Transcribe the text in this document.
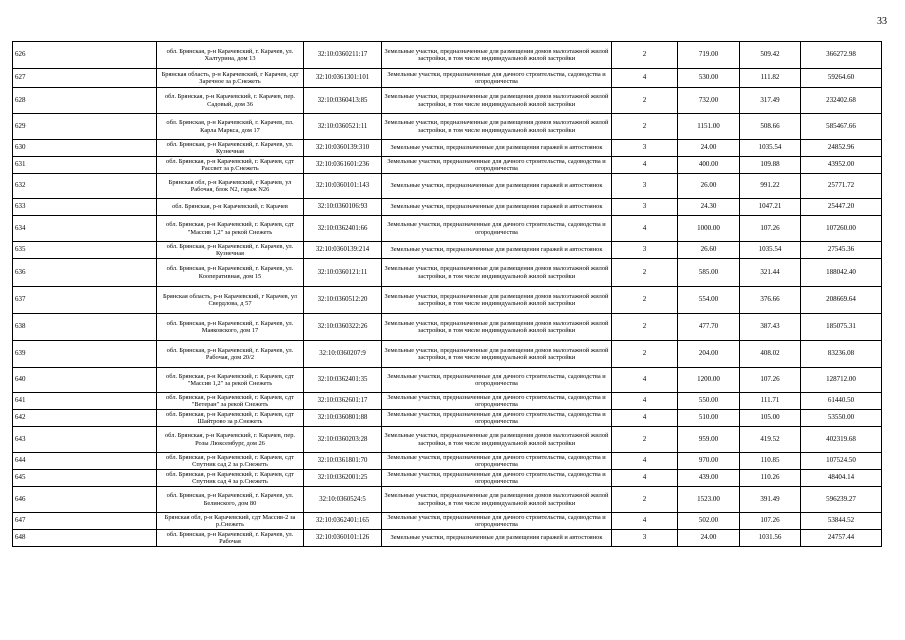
33
626	обл. Брянская, р-н Карачевский, г. Карачев, ул. Халтурина, дом 13	32:10:0360211:17	Земельные участки, предназначенные для размещения домов малоэтажной жилой застройки, в том числе индивидуальной жилой застройки	2	719.00	509.42	366272.98
627	Брянская область, р-н Карачевский, г Карачев, сдт Заречное за р.Снежеть	32:10:0361301:101	Земельные участки, предназначенные для дачного строительства, садоводства и огородничества	4	530.00	111.82	59264.60
628	обл. Брянская, р-н Карачевский, г. Карачев, пер. Садовый, дом 36	32:10:0360413:85	Земельные участки, предназначенные для размещения домов малоэтажной жилой застройки, в том числе индивидуальной жилой застройки	2	732.00	317.49	232402.68
629	обл. Брянская, р-н Карачевский, г. Карачев, пл. Карла Маркса, дом 17	32:10:0360521:11	Земельные участки, предназначенные для размещения домов малоэтажной жилой застройки, в том числе индивидуальной жилой застройки	2	1151.00	508.66	585467.66
630	обл. Брянская, р-н Карачевский, г. Карачев, ул. Кузнечная	32:10:0360139:310	Земельные участки, предназначенные для размещения гаражей и автостоянок	3	24.00	1035.54	24852.96
631	обл. Брянская, р-н Карачевский, г. Карачев, сдт Рассвет за р.Снежеть	32:10:0361601:236	Земельные участки, предназначенные для дачного строительства, садоводства и огородничества	4	400.00	109.88	43952.00
632	Брянская обл, р-н Карачевский, г Карачев, ул Рабочая, блок N2, гараж N26	32:10:0360101:143	Земельные участки, предназначенные для размещения гаражей и автостоянок	3	26.00	991.22	25771.72
633	обл. Брянская, р-н Карачевский, г. Карачев	32:10:0360106:93	Земельные участки, предназначенные для размещения гаражей и автостоянок	3	24.30	1047.21	25447.20
634	обл. Брянская, р-н Карачевский, г. Карачев, сдт "Массив 1,2" за рекой Снежеть	32:10:0362401:66	Земельные участки, предназначенные для дачного строительства, садоводства и огородничества	4	1000.00	107.26	107260.00
635	обл. Брянская, р-н Карачевский, г. Карачев, ул. Кузнечная	32:10:0360139:214	Земельные участки, предназначенные для размещения гаражей и автостоянок	3	26.60	1035.54	27545.36
636	обл. Брянская, р-н Карачевский, г. Карачев, ул. Кооперативная, дом 15	32:10:0360121:11	Земельные участки, предназначенные для размещения домов малоэтажной жилой застройки, в том числе индивидуальной жилой застройки	2	585.00	321.44	188042.40
637	Брянская область, р-н Карачевский, г Карачев, ул Свердлова, д 57	32:10:0360512:20	Земельные участки, предназначенные для размещения домов малоэтажной жилой застройки, в том числе индивидуальной жилой застройки	2	554.00	376.66	208669.64
638	обл. Брянская, р-н Карачевский, г. Карачев, ул. Маяковского, дом 17	32:10:0360322:26	Земельные участки, предназначенные для размещения домов малоэтажной жилой застройки, в том числе индивидуальной жилой застройки	2	477.70	387.43	185075.31
639	обл. Брянская, р-н Карачевский, г. Карачев, ул. Рабочая, дом 20/2	32:10:0360207:9	Земельные участки, предназначенные для размещения домов малоэтажной жилой застройки, в том числе индивидуальной жилой застройки	2	204.00	408.02	83236.08
640	обл. Брянская, р-н Карачевский, г. Карачев, сдт "Массив 1,2" за рекой Снежеть	32:10:0362401:35	Земельные участки, предназначенные для дачного строительства, садоводства и огородничества	4	1200.00	107.26	128712.00
641	обл. Брянская, р-н Карачевский, г. Карачев, сдт "Ветеран" за рекой Снежеть	32:10:0362601:17	Земельные участки, предназначенные для дачного строительства, садоводства и огородничества	4	550.00	111.71	61440.50
642	обл. Брянская, р-н Карачевский, г. Карачев, сдт Шайтрово за р.Снежеть	32:10:0360801:88	Земельные участки, предназначенные для дачного строительства, садоводства и огородничества	4	510.00	105.00	53550.00
643	обл. Брянская, р-н Карачевский, г. Карачев, пер. Розы Люксембург, дом 26	32:10:0360203:28	Земельные участки, предназначенные для размещения домов малоэтажной жилой застройки, в том числе индивидуальной жилой застройки	2	959.00	419.52	402319.68
644	обл. Брянская, р-н Карачевский, г. Карачев, сдт Спутник сад 2 за р.Снежеть	32:10:0361801:70	Земельные участки, предназначенные для дачного строительства, садоводства и огородничества	4	970.00	110.85	107524.50
645	обл. Брянская, р-н Карачевский, г. Карачев, сдт Спутник сад 4 за р.Снежеть	32:10:0362001:25	Земельные участки, предназначенные для дачного строительства, садоводства и огородничества	4	439.00	110.26	48404.14
646	обл. Брянская, р-н Карачевский, г. Карачев, ул. Белинского, дом 80	32:10:0360524:5	Земельные участки, предназначенные для размещения домов малоэтажной жилой застройки, в том числе индивидуальной жилой застройки	2	1523.00	391.49	596239.27
647	Брянская обл, р-н Карачевский, сдт Массив-2 за р.Снежеть	32:10:0362401:165	Земельные участки, предназначенные для дачного строительства, садоводства и огородничества	4	502.00	107.26	53844.52
648	обл. Брянская, р-н Карачевский, г. Карачев, ул. Рабочая	32:10:0360101:126	Земельные участки, предназначенные для размещения гаражей и автостоянок	3	24.00	1031.56	24757.44
